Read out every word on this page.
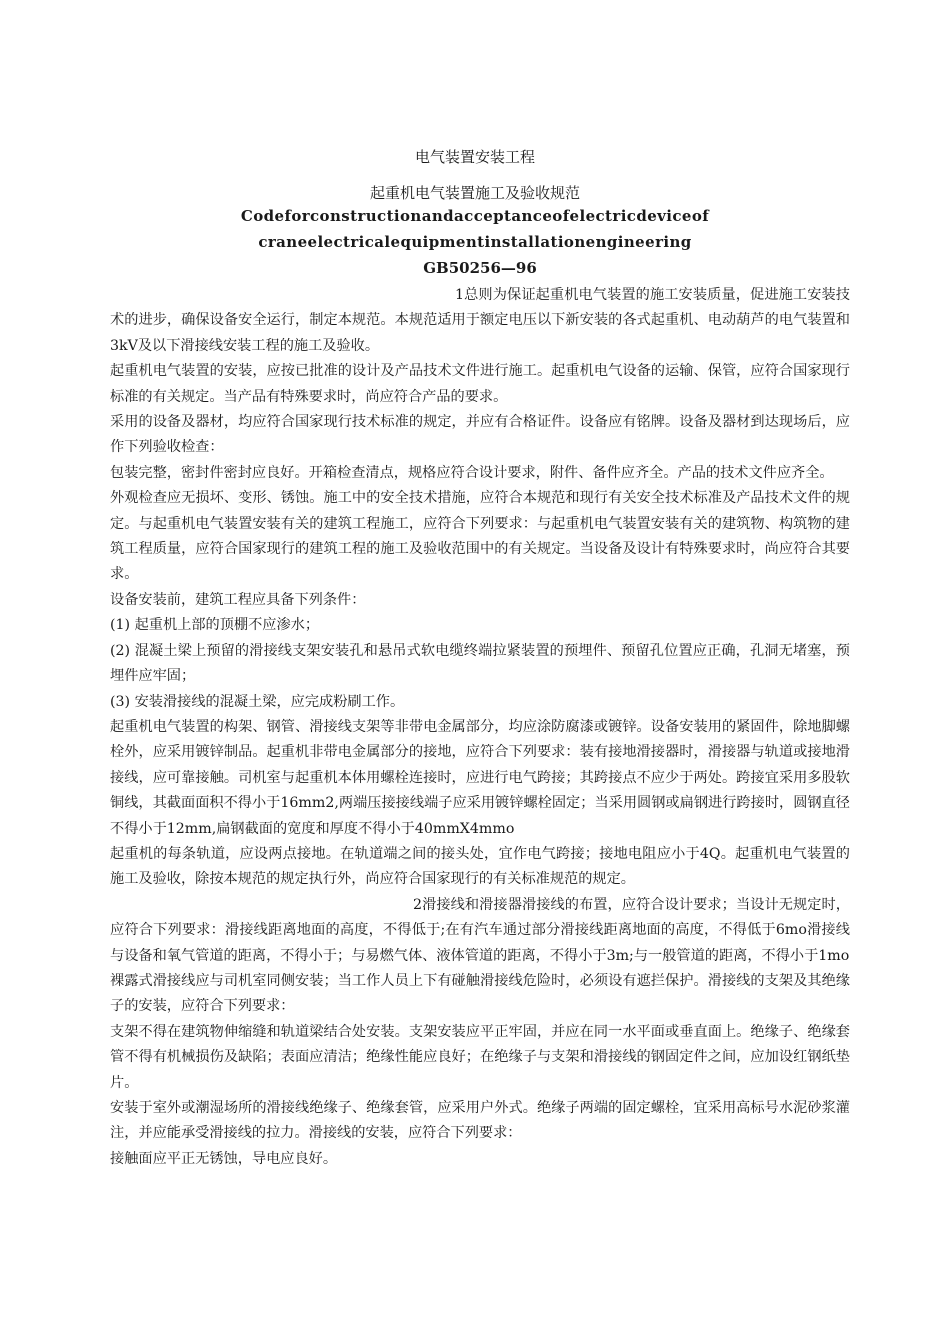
电气装置安装工程
起重机电气装置施工及验收规范
Codeforconstructionandacceptanceofelectricdeviceof
craneelectricalequipmentinstallationengineering
GB50256—96

1总则为保证起重机电气装置的施工安装质量，促进施工安装技术的进步，确保设备安全运行，制定本规范。本规范适用于额定电压以下新安装的各式起重机、电动葫芦的电气装置和3kV及以下滑接线安装工程的施工及验收。

起重机电气装置的安装，应按已批准的设计及产品技术文件进行施工。起重机电气设备的运输、保管，应符合国家现行标准的有关规定。当产品有特殊要求时，尚应符合产品的要求。

采用的设备及器材，均应符合国家现行技术标准的规定，并应有合格证件。设备应有铭牌。设备及器材到达现场后，应作下列验收检查：

包装完整，密封件密封应良好。开箱检查清点，规格应符合设计要求，附件、备件应齐全。产品的技术文件应齐全。

外观检查应无损坏、变形、锈蚀。施工中的安全技术措施，应符合本规范和现行有关安全技术标准及产品技术文件的规定。与起重机电气装置安装有关的建筑工程施工，应符合下列要求：与起重机电气装置安装有关的建筑物、构筑物的建筑工程质量，应符合国家现行的建筑工程的施工及验收范围中的有关规定。当设备及设计有特殊要求时，尚应符合其要求。

设备安装前，建筑工程应具备下列条件：

(1) 起重机上部的顶棚不应渗水；

(2) 混凝土梁上预留的滑接线支架安装孔和悬吊式软电缆终端拉紧装置的预埋件、预留孔位置应正确，孔洞无堵塞，预埋件应牢固；

(3) 安装滑接线的混凝土梁，应完成粉刷工作。

起重机电气装置的构架、钢管、滑接线支架等非带电金属部分，均应涂防腐漆或镀锌。设备安装用的紧固件，除地脚螺栓外，应采用镀锌制品。起重机非带电金属部分的接地，应符合下列要求：装有接地滑接器时，滑接器与轨道或接地滑接线，应可靠接触。司机室与起重机本体用螺栓连接时，应进行电气跨接；其跨接点不应少于两处。跨接宜采用多股软铜线，其截面面积不得小于16mm2,两端压接接线端子应采用镀锌螺栓固定；当采用圆钢或扁钢进行跨接时，圆钢直径不得小于12mm,扁钢截面的宽度和厚度不得小于40mmX4mmo

起重机的每条轨道，应设两点接地。在轨道端之间的接头处，宜作电气跨接；接地电阻应小于4Q。起重机电气装置的施工及验收，除按本规范的规定执行外，尚应符合国家现行的有关标准规范的规定。

2滑接线和滑接器滑接线的布置，应符合设计要求；当设计无规定时，应符合下列要求：滑接线距离地面的高度，不得低于;在有汽车通过部分滑接线距离地面的高度，不得低于6mo滑接线与设备和氧气管道的距离，不得小于；与易燃气体、液体管道的距离，不得小于3m;与一般管道的距离，不得小于1mo

裸露式滑接线应与司机室同侧安装；当工作人员上下有碰触滑接线危险时，必须设有遮拦保护。滑接线的支架及其绝缘子的安装，应符合下列要求：

支架不得在建筑物伸缩缝和轨道梁结合处安装。支架安装应平正牢固，并应在同一水平面或垂直面上。绝缘子、绝缘套管不得有机械损伤及缺陷；表面应清洁；绝缘性能应良好；在绝缘子与支架和滑接线的钢固定件之间，应加设红钢纸垫片。

安装于室外或潮湿场所的滑接线绝缘子、绝缘套管，应采用户外式。绝缘子两端的固定螺栓，宜采用高标号水泥砂浆灌注，并应能承受滑接线的拉力。滑接线的安装，应符合下列要求：

接触面应平正无锈蚀，导电应良好。
